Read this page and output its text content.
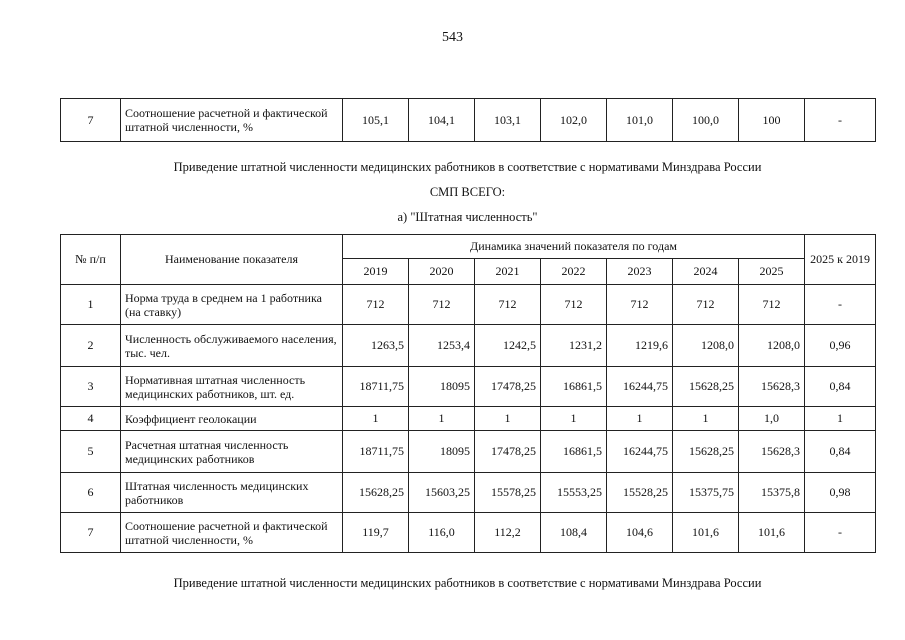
543
7	Соотношение расчетной и фактической штатной численности, %	105,1	104,1	103,1	102,0	101,0	100,0	100	-
Приведение штатной численности медицинских работников в соответствие с нормативами Минздрава России
СМП ВСЕГО:
а) "Штатная численность"
№ п/п	Наименование показателя	Динамика значений показателя по годам							2025 к 2019
		2019	2020	2021	2022	2023	2024	2025	
1	Норма труда в среднем на 1 работника (на ставку)	712	712	712	712	712	712	712	-
2	Численность обслуживаемого населения, тыс. чел.	1263,5	1253,4	1242,5	1231,2	1219,6	1208,0	1208,0	0,96
3	Нормативная штатная численность медицинских работников, шт. ед.	18711,75	18095	17478,25	16861,5	16244,75	15628,25	15628,3	0,84
4	Коэффициент геолокации	1	1	1	1	1	1	1,0	1
5	Расчетная штатная численность медицинских работников	18711,75	18095	17478,25	16861,5	16244,75	15628,25	15628,3	0,84
6	Штатная численность медицинских работников	15628,25	15603,25	15578,25	15553,25	15528,25	15375,75	15375,8	0,98
7	Соотношение расчетной и фактической штатной численности, %	119,7	116,0	112,2	108,4	104,6	101,6	101,6	-
Приведение штатной численности медицинских работников в соответствие с нормативами Минздрава России
